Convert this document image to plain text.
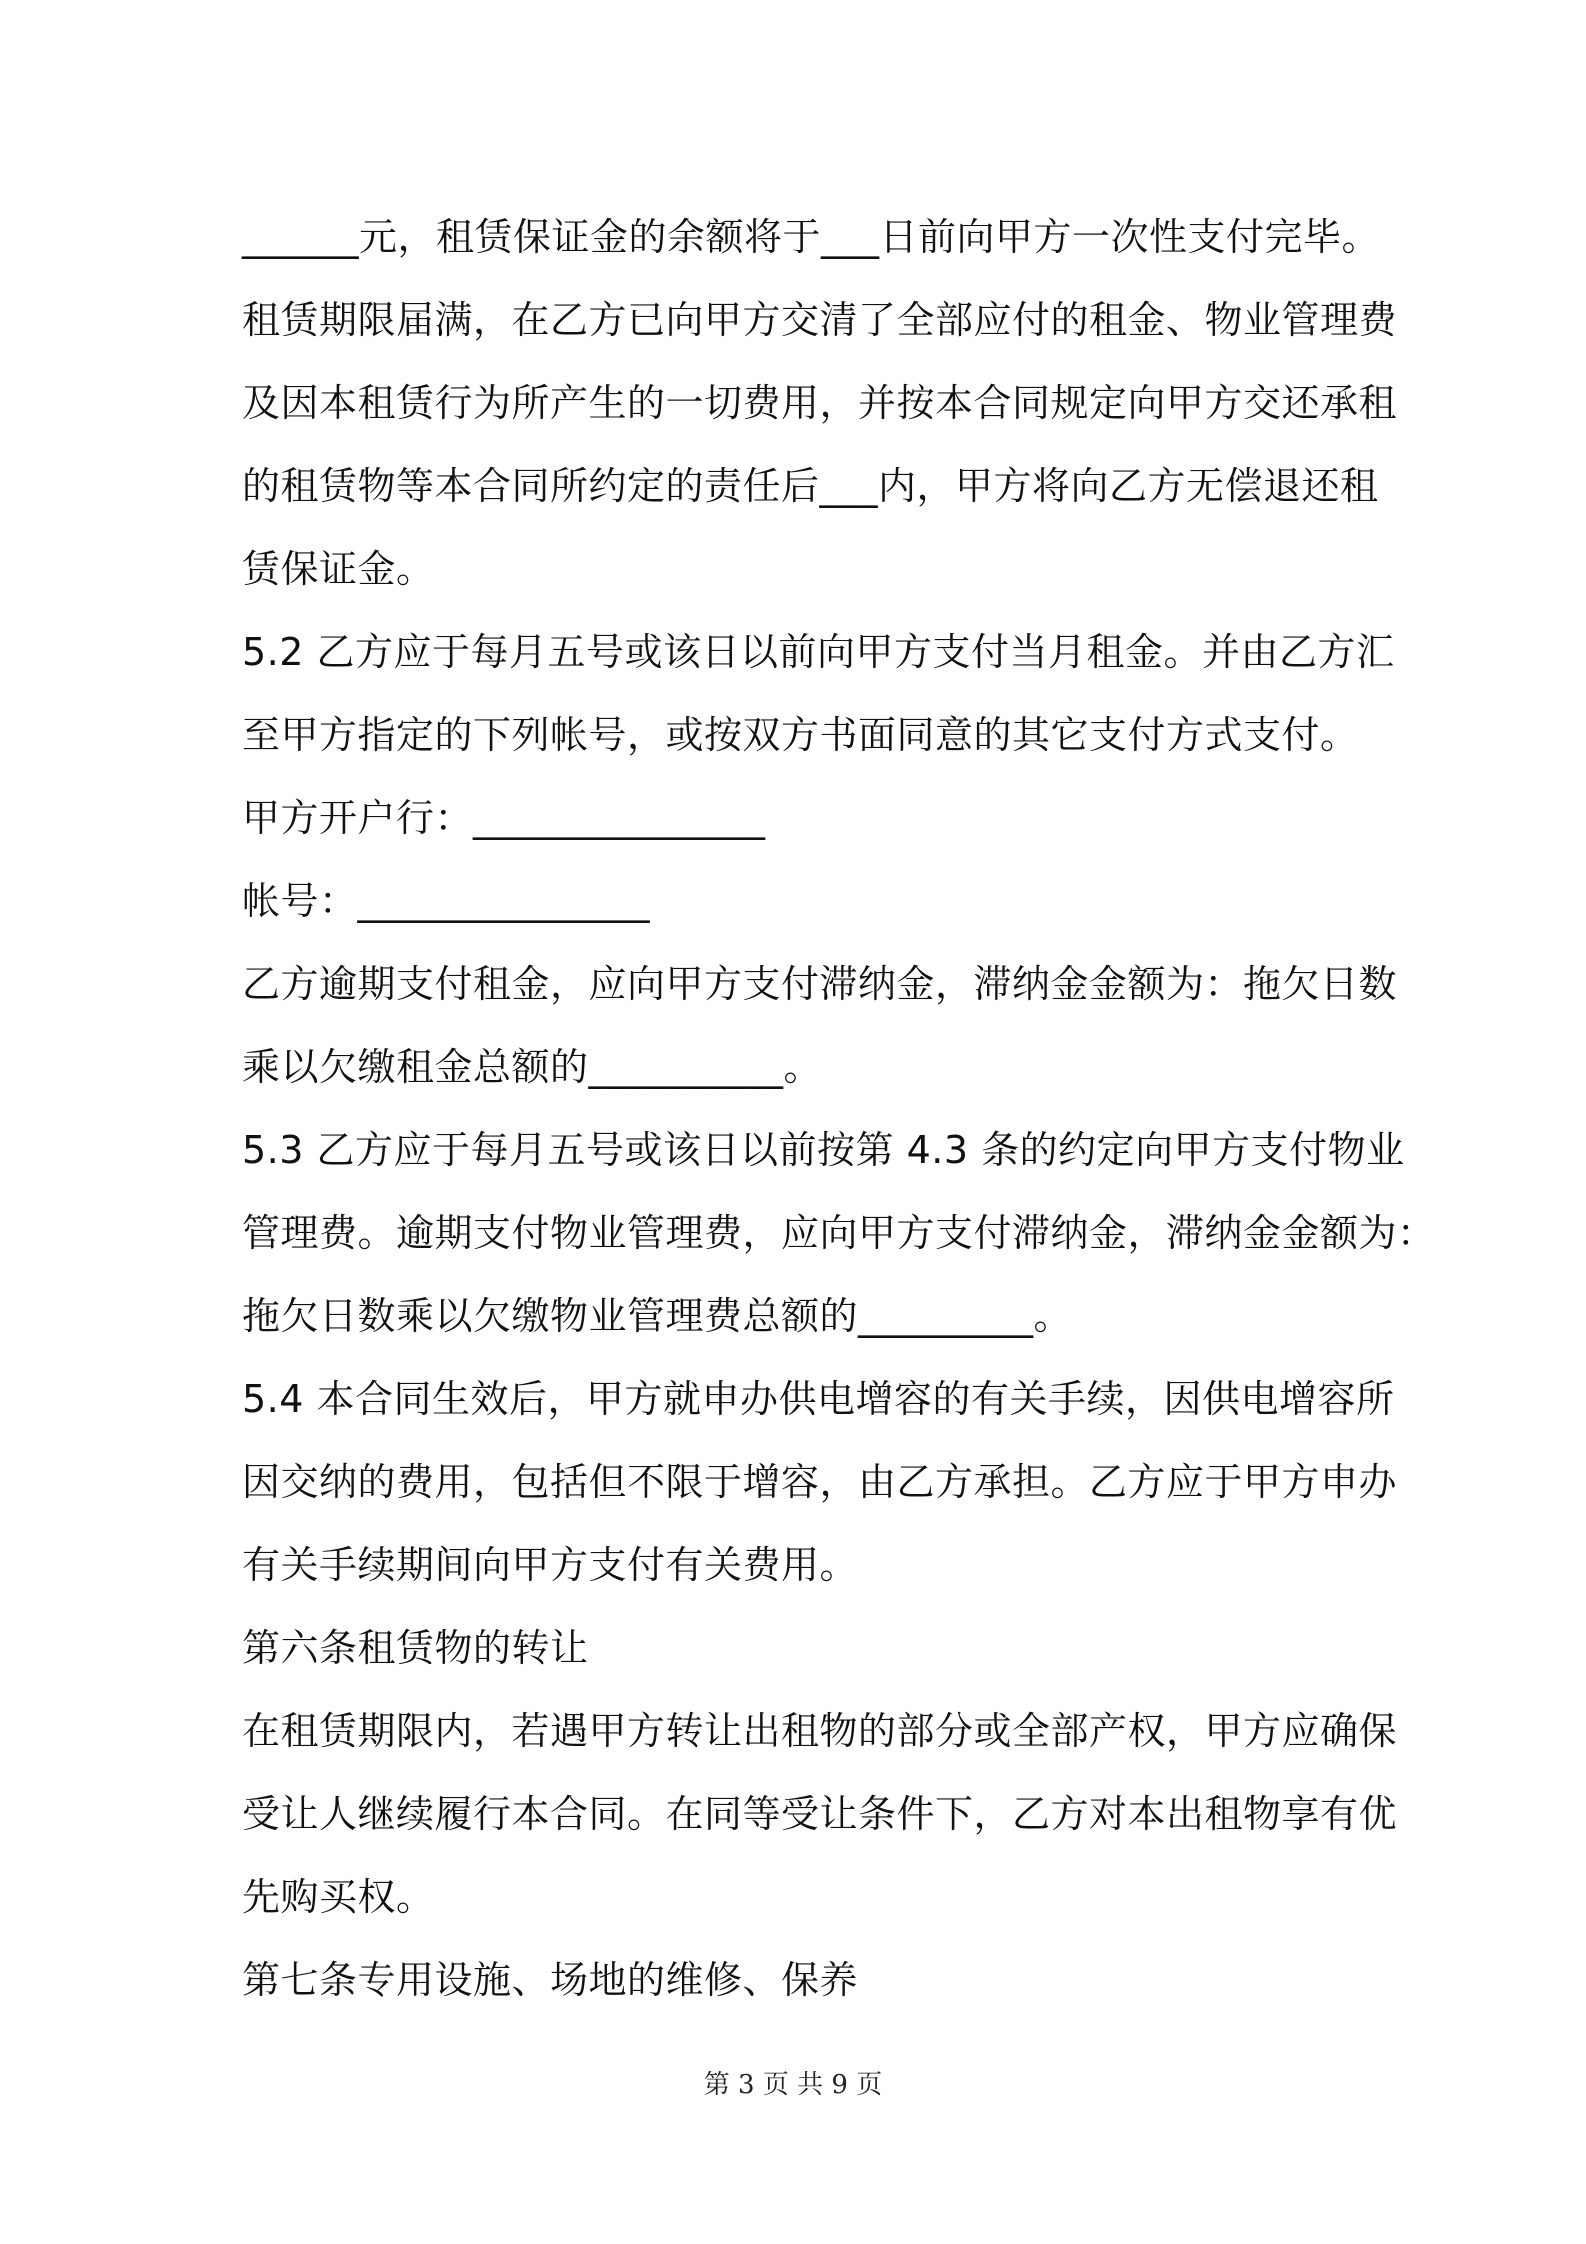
______元，租赁保证金的余额将于___日前向甲方一次性支付完毕。
租赁期限届满，在乙方已向甲方交清了全部应付的租金、物业管理费
及因本租赁行为所产生的一切费用，并按本合同规定向甲方交还承租
的租赁物等本合同所约定的责任后___内，甲方将向乙方无偿退还租
赁保证金。
5.2 乙方应于每月五号或该日以前向甲方支付当月租金。并由乙方汇
至甲方指定的下列帐号，或按双方书面同意的其它支付方式支付。
甲方开户行：_______________
帐号：_______________
乙方逾期支付租金，应向甲方支付滞纳金，滞纳金金额为：拖欠日数
乘以欠缴租金总额的__________。
5.3 乙方应于每月五号或该日以前按第 4.3 条的约定向甲方支付物业
管理费。逾期支付物业管理费，应向甲方支付滞纳金，滞纳金金额为：
拖欠日数乘以欠缴物业管理费总额的_________。
5.4 本合同生效后，甲方就申办供电增容的有关手续，因供电增容所
因交纳的费用，包括但不限于增容，由乙方承担。乙方应于甲方申办
有关手续期间向甲方支付有关费用。
第六条租赁物的转让
在租赁期限内，若遇甲方转让出租物的部分或全部产权，甲方应确保
受让人继续履行本合同。在同等受让条件下，乙方对本出租物享有优
先购买权。
第七条专用设施、场地的维修、保养
第 3 页 共 9 页
